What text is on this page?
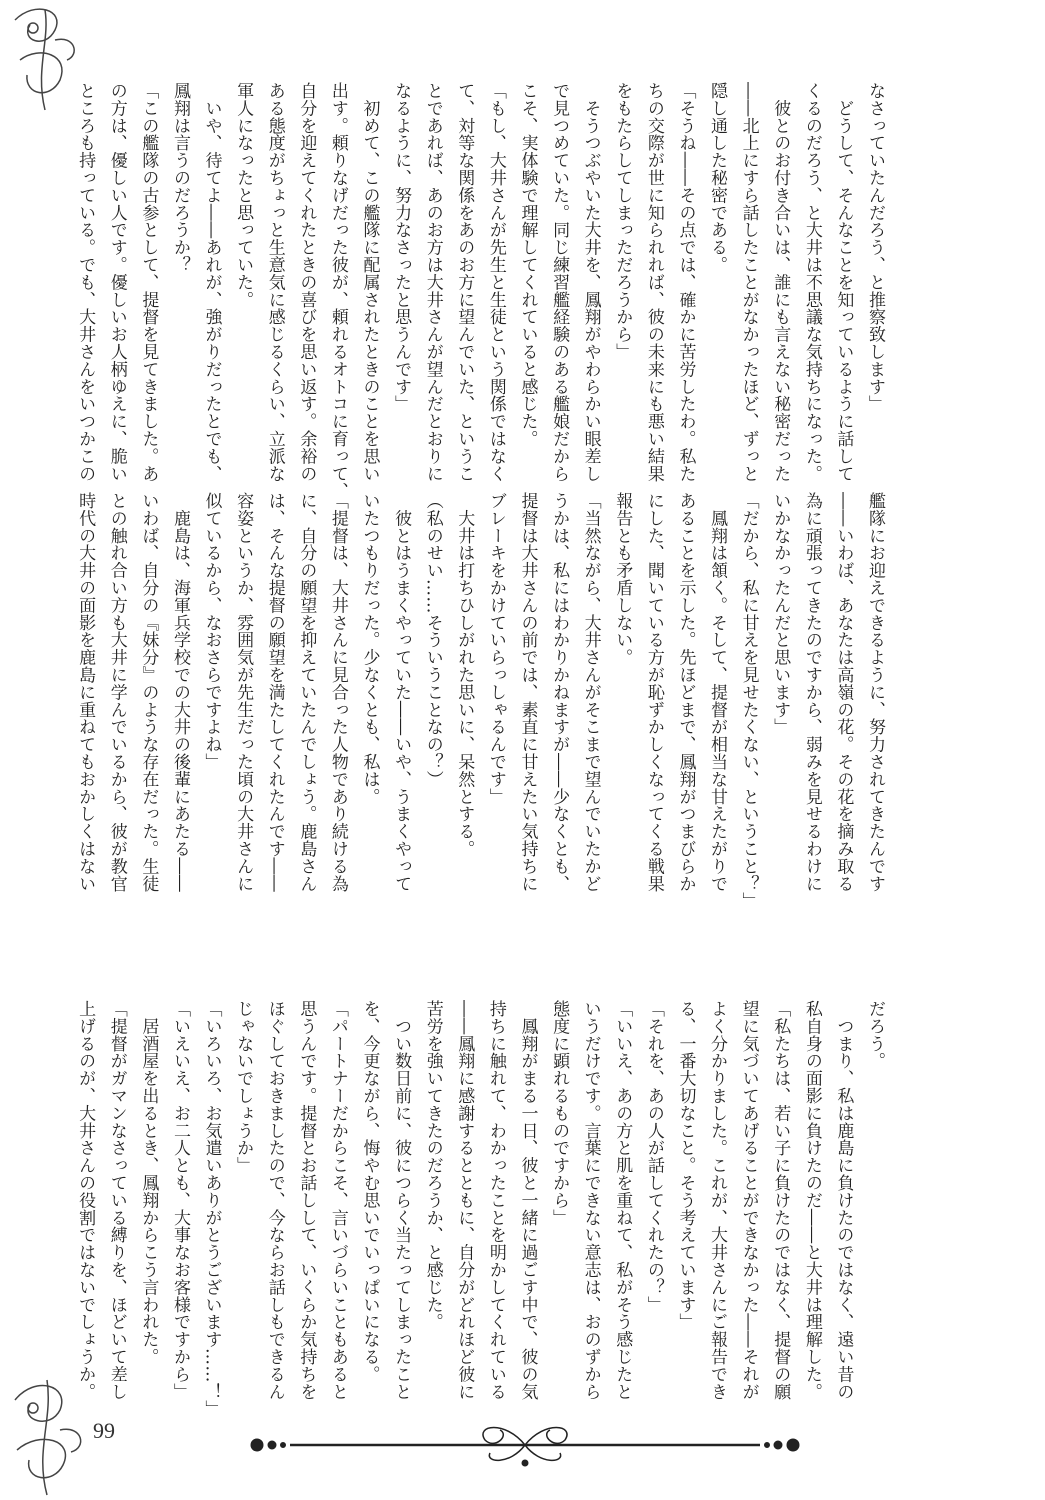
99
なさっていたんだろう、と推察致します」
　どうして、そんなことを知っているように話して
くるのだろう、と大井は不思議な気持ちになった。
　彼とのお付き合いは、誰にも言えない秘密だった
――北上にすら話したことがなかったほど、ずっと
隠し通した秘密である。
「そうね――その点では、確かに苦労したわ。私た
ちの交際が世に知られれば、彼の未来にも悪い結果
をもたらしてしまっただろうから」
　そうつぶやいた大井を、鳳翔がやわらかい眼差し
で見つめていた。同じ練習艦経験のある艦娘だから
こそ、実体験で理解してくれていると感じた。
「もし、大井さんが先生と生徒という関係ではなく
て、対等な関係をあのお方に望んでいた、というこ
とであれば、あのお方は大井さんが望んだとおりに
なるように、努力なさったと思うんです」
　初めて、この艦隊に配属されたときのことを思い
出す。頼りなげだった彼が、頼れるオトコに育って、
自分を迎えてくれたときの喜びを思い返す。余裕の
ある態度がちょっと生意気に感じるくらい、立派な
軍人になったと思っていた。
　いや、待てよ――あれが、強がりだったとでも、
鳳翔は言うのだろうか？
「この艦隊の古参として、提督を見てきました。あ
の方は、優しい人です。優しいお人柄ゆえに、脆い
ところも持っている。でも、大井さんをいつかこの
艦隊にお迎えできるように、努力されてきたんです
――いわば、あなたは高嶺の花。その花を摘み取る
為に頑張ってきたのですから、弱みを見せるわけに
いかなかったんだと思います」
「だから、私に甘えを見せたくない、ということ？」
　鳳翔は頷く。そして、提督が相当な甘えたがりで
あることを示した。先ほどまで、鳳翔がつまびらか
にした、聞いている方が恥ずかしくなってくる戦果
報告とも矛盾しない。
「当然ながら、大井さんがそこまで望んでいたかど
うかは、私にはわかりかねますが――少なくとも、
提督は大井さんの前では、素直に甘えたい気持ちに
ブレーキをかけていらっしゃるんです」
　大井は打ちひしがれた思いに、呆然とする。
（私のせい……そういうことなの？）
　彼とはうまくやっていた――いや、うまくやって
いたつもりだった。少なくとも、私は。
「提督は、大井さんに見合った人物であり続ける為
に、自分の願望を抑えていたんでしょう。鹿島さん
は、そんな提督の願望を満たしてくれたんです――
容姿というか、雰囲気が先生だった頃の大井さんに
似ているから、なおさらですよね」
　鹿島は、海軍兵学校での大井の後輩にあたる――
いわば、自分の『妹分』のような存在だった。生徒
との触れ合い方も大井に学んでいるから、彼が教官
時代の大井の面影を鹿島に重ねてもおかしくはない
だろう。
　つまり、私は鹿島に負けたのではなく、遠い昔の
私自身の面影に負けたのだ――と大井は理解した。
「私たちは、若い子に負けたのではなく、提督の願
望に気づいてあげることができなかった――それが
よく分かりました。これが、大井さんにご報告でき
る、一番大切なこと。そう考えています」
「それを、あの人が話してくれたの？」
「いいえ、あの方と肌を重ねて、私がそう感じたと
いうだけです。言葉にできない意志は、おのずから
態度に顕れるものですから」
　鳳翔がまる一日、彼と一緒に過ごす中で、彼の気
持ちに触れて、わかったことを明かしてくれている
――鳳翔に感謝するとともに、自分がどれほど彼に
苦労を強いてきたのだろうか、と感じた。
　つい数日前に、彼につらく当たってしまったこと
を、今更ながら、悔やむ思いでいっぱいになる。
「パートナーだからこそ、言いづらいこともあると
思うんです。提督とお話しして、いくらか気持ちを
ほぐしておきましたので、今ならお話しもできるん
じゃないでしょうか」
「いろいろ、お気遣いありがとうございます……！」
「いえいえ、お二人とも、大事なお客様ですから」
　居酒屋を出るとき、鳳翔からこう言われた。
「提督がガマンなさっている縛りを、ほどいて差し
上げるのが、大井さんの役割ではないでしょうか。
